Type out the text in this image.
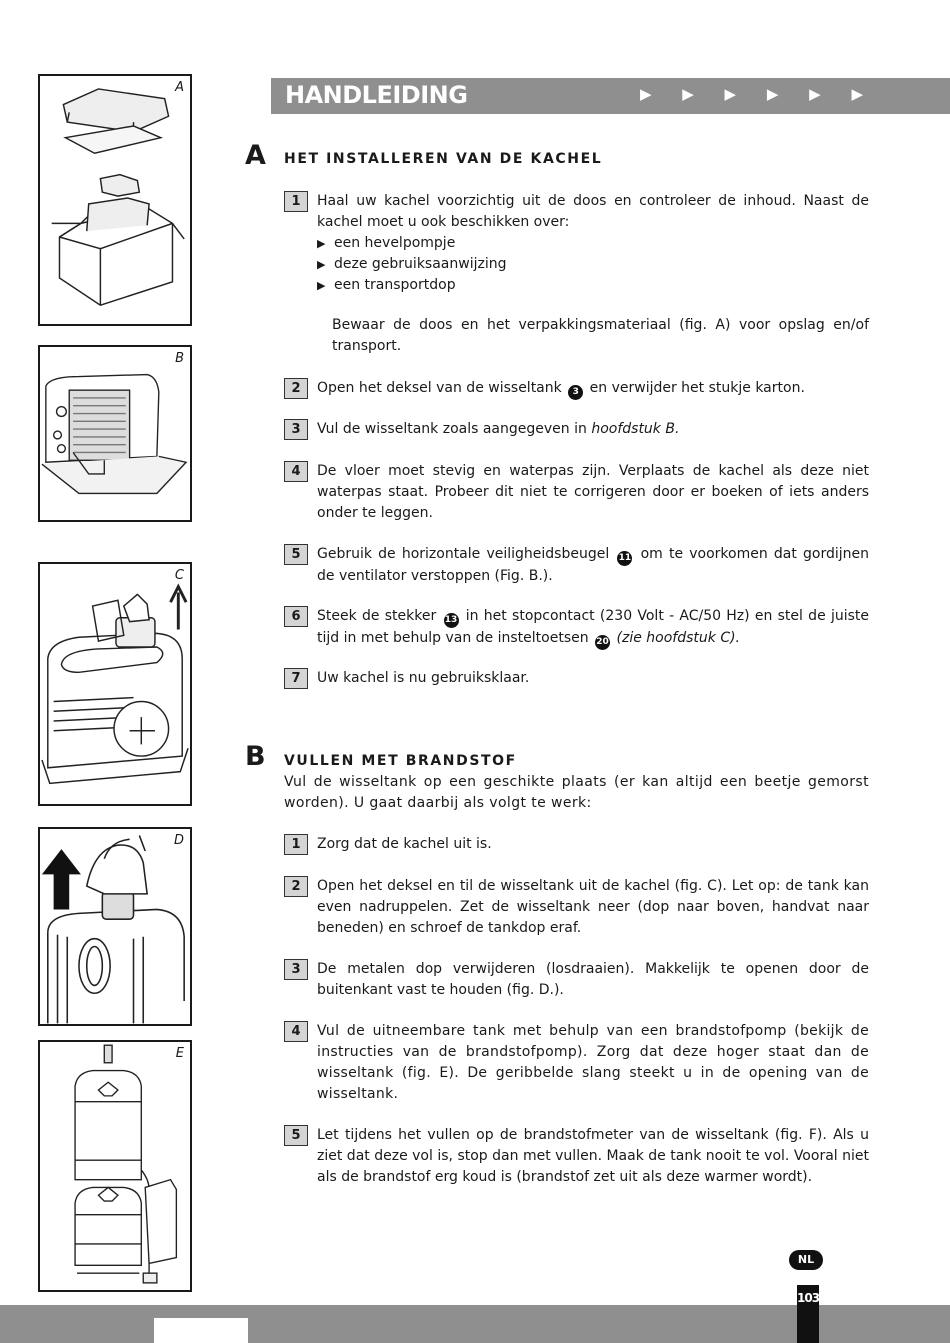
A
B
C
D
E
HANDLEIDING	▶ ▶ ▶ ▶ ▶ ▶
A HET INSTALLEREN VAN DE KACHEL
1	Haal uw kachel voorzichtig uit de doos en controleer de inhoud. Naast de kachel moet u ook beschikken over:
▶ een hevelpompje
▶ deze gebruiksaanwijzing
▶ een transportdop
Bewaar de doos en het verpakkingsmateriaal (fig. A) voor opslag en/of transport.
2	Open het deksel van de wisseltank 3 en verwijder het stukje karton.
3	Vul de wisseltank zoals aangegeven in hoofdstuk B.
4	De vloer moet stevig en waterpas zijn. Verplaats de kachel als deze niet waterpas staat. Probeer dit niet te corrigeren door er boeken of iets anders onder te leggen.
5	Gebruik de horizontale veiligheidsbeugel 11 om te voorkomen dat gordijnen de ventilator verstoppen (Fig. B.).
6	Steek de stekker 13 in het stopcontact (230 Volt - AC/50 Hz) en stel de juiste tijd in met behulp van de insteltoetsen 20 (zie hoofdstuk C).
7	Uw kachel is nu gebruiksklaar.
B VULLEN MET BRANDSTOF
Vul de wisseltank op een geschikte plaats (er kan altijd een beetje gemorst worden). U gaat daarbij als volgt te werk:
1	Zorg dat de kachel uit is.
2	Open het deksel en til de wisseltank uit de kachel (fig. C). Let op: de tank kan even nadruppelen. Zet de wisseltank neer (dop naar boven, handvat naar beneden) en schroef de tankdop eraf.
3	De metalen dop verwijderen (losdraaien). Makkelijk te openen door de buitenkant vast te houden (fig. D.).
4	Vul de uitneembare tank met behulp van een brandstofpomp (bekijk de instructies van de brandstofpomp). Zorg dat deze hoger staat dan de wisseltank (fig. E). De geribbelde slang steekt u in de opening van de wisseltank.
5	Let tijdens het vullen op de brandstofmeter van de wisseltank (fig. F). Als u ziet dat deze vol is, stop dan met vullen. Maak de tank nooit te vol. Vooral niet als de brandstof erg koud is (brandstof zet uit als deze warmer wordt).
NL
103
